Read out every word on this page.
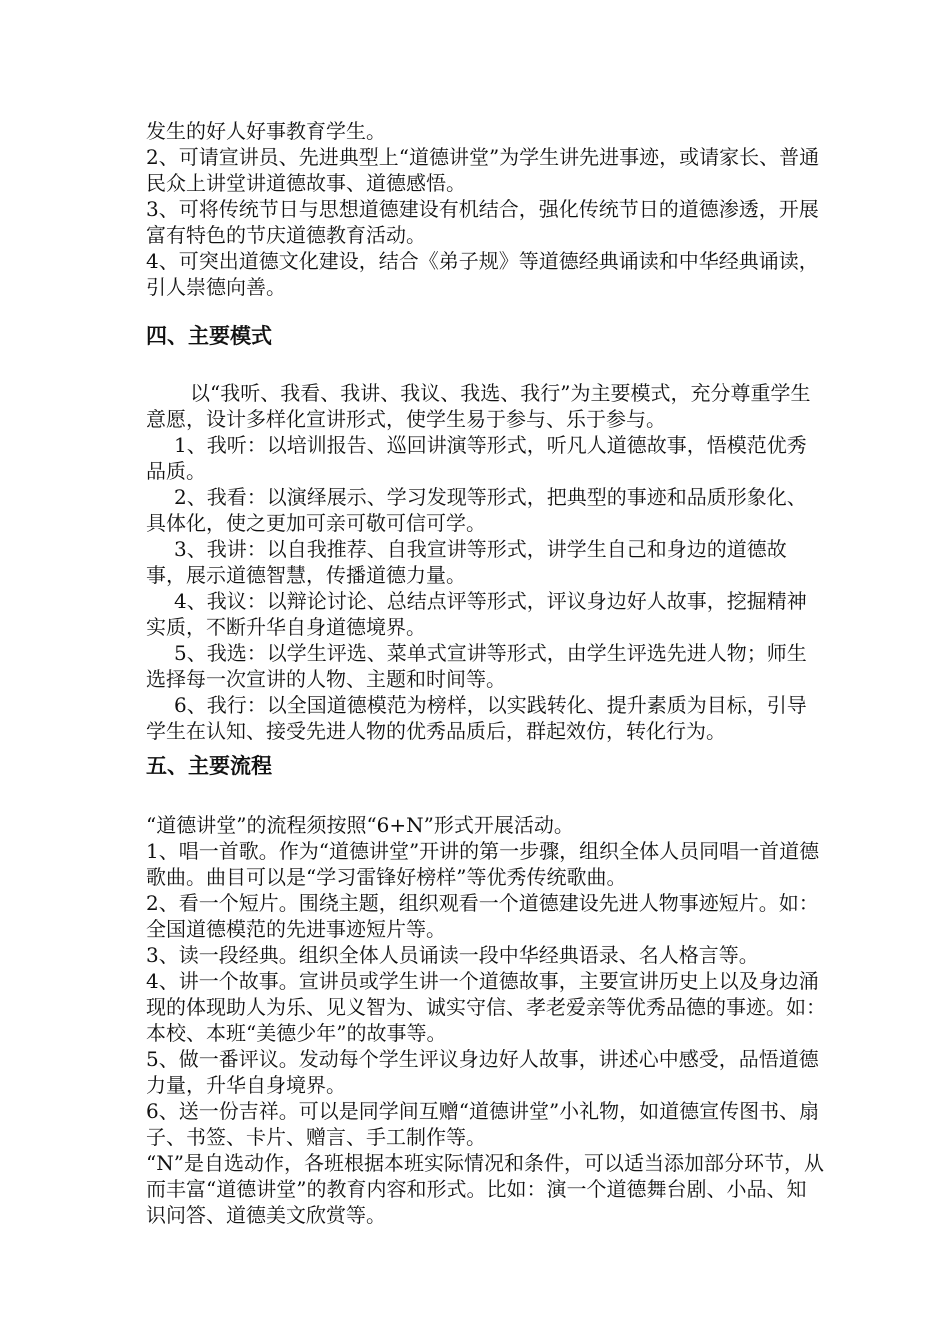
发生的好人好事教育学生。

2、可请宣讲员、先进典型上“道德讲堂”为学生讲先进事迹，或请家长、普通民众上讲堂讲道德故事、道德感悟。

3、可将传统节日与思想道德建设有机结合，强化传统节日的道德渗透，开展富有特色的节庆道德教育活动。

4、可突出道德文化建设，结合《弟子规》等道德经典诵读和中华经典诵读，引人崇德向善。

四、主要模式

以“我听、我看、我讲、我议、我选、我行”为主要模式，充分尊重学生意愿，设计多样化宣讲形式，使学生易于参与、乐于参与。

1、我听：以培训报告、巡回讲演等形式，听凡人道德故事，悟模范优秀品质。

2、我看：以演绎展示、学习发现等形式，把典型的事迹和品质形象化、具体化，使之更加可亲可敬可信可学。

3、我讲：以自我推荐、自我宣讲等形式，讲学生自己和身边的道德故事，展示道德智慧，传播道德力量。

4、我议：以辩论讨论、总结点评等形式，评议身边好人故事，挖掘精神实质，不断升华自身道德境界。

5、我选：以学生评选、菜单式宣讲等形式，由学生评选先进人物；师生选择每一次宣讲的人物、主题和时间等。

6、我行：以全国道德模范为榜样，以实践转化、提升素质为目标，引导学生在认知、接受先进人物的优秀品质后，群起效仿，转化行为。

五、主要流程

“道德讲堂”的流程须按照“6+N”形式开展活动。

1、唱一首歌。作为“道德讲堂”开讲的第一步骤，组织全体人员同唱一首道德歌曲。曲目可以是“学习雷锋好榜样”等优秀传统歌曲。

2、看一个短片。围绕主题，组织观看一个道德建设先进人物事迹短片。如：全国道德模范的先进事迹短片等。

3、读一段经典。组织全体人员诵读一段中华经典语录、名人格言等。

4、讲一个故事。宣讲员或学生讲一个道德故事，主要宣讲历史上以及身边涌现的体现助人为乐、见义智为、诚实守信、孝老爱亲等优秀品德的事迹。如：本校、本班“美德少年”的故事等。

5、做一番评议。发动每个学生评议身边好人故事，讲述心中感受，品悟道德力量，升华自身境界。

6、送一份吉祥。可以是同学间互赠“道德讲堂”小礼物，如道德宣传图书、扇子、书签、卡片、赠言、手工制作等。

“N”是自选动作，各班根据本班实际情况和条件，可以适当添加部分环节，从而丰富“道德讲堂”的教育内容和形式。比如：演一个道德舞台剧、小品、知识问答、道德美文欣赏等。
